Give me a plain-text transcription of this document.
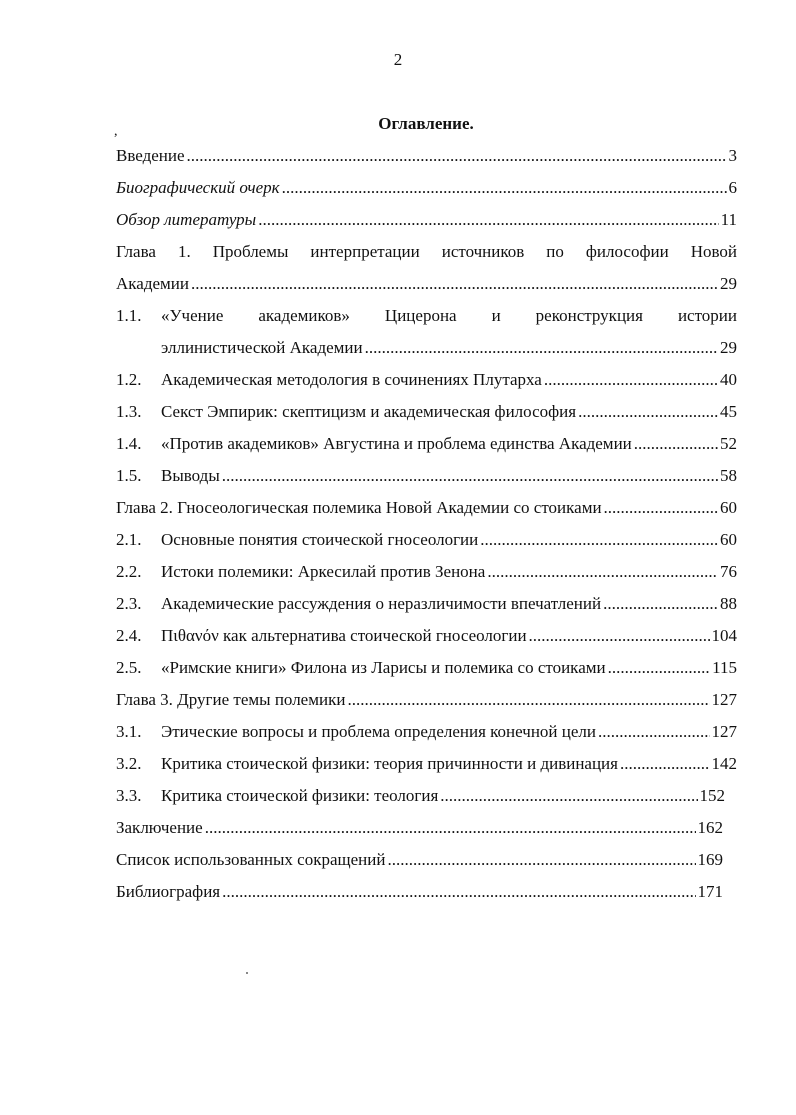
2
,	Оглавление.
Введение .....	3
Биографический очерк .....	6
Обзор литературы .....	11
Глава 1. Проблемы интерпретации источников по философии Новой
Академии .....	29
1.1.	«Учение академиков» Цицерона и реконструкция истории
эллинистической Академии .....	29
1.2.	Академическая методология в сочинениях Плутарха .....	40
1.3.	Секст Эмпирик: скептицизм и академическая философия .....	45
1.4.	«Против академиков» Августина и проблема единства Академии .....	52
1.5.	Выводы .....	58
Глава 2. Гносеологическая полемика Новой Академии со стоиками .....	60
2.1.	Основные понятия стоической гносеологии .....	60
2.2.	Истоки полемики: Аркесилай против Зенона .....	76
2.3.	Академические рассуждения о неразличимости впечатлений .....	88
2.4.	Πιθανόν как альтернатива стоической гносеологии .....	104
2.5.	«Римские книги» Филона из Ларисы и полемика со стоиками .....	115
Глава 3. Другие темы полемики .....	127
3.1.	Этические вопросы и проблема определения конечной цели .....	127
3.2.	Критика стоической физики: теория причинности и дивинация .....	142
3.3.	Критика стоической физики: теология .....	152
Заключение .....	162
Список использованных сокращений .....	169
Библиография .....	171
